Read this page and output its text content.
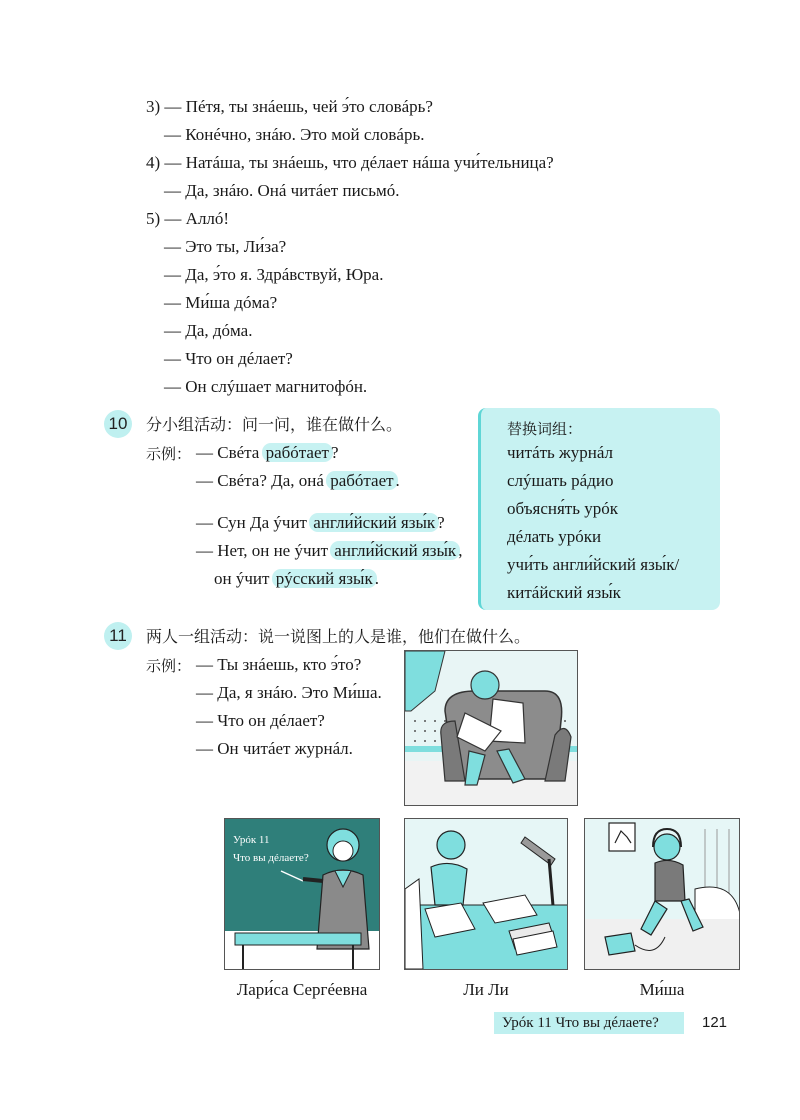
3) — Пéтя, ты знáешь, чей э́то словáрь?
— Конéчно, знáю. Это мой словáрь.
4) — Натáша, ты знáешь, что дéлает нáша учи́тельница?
— Да, знáю. Онá читáет письмó.
5) — Аллó!
— Это ты, Ли́за?
— Да, э́то я. Здрáвствуй, Юра.
— Ми́ша дóма?
— Да, дóма.
— Что он дéлает?
— Он слýшает магнитофóн.
10 分小组活动：问一问，谁在做什么。
示例： — Свéта рабóтает ?
— Свéта? Да, онá рабóтает .
— Сун Да ýчит англи́йский язы́к ?
— Нет, он не ýчит англи́йский язы́к ,
он ýчит рýсский язы́к .
替换词组：
читáть журнáл
слýшать рáдио
объясня́ть урóк
дéлать урóки
учи́ть англи́йский язы́к/
китáйский язы́к
11	两人一组活动：说一说图上的人是谁，他们在做什么。
示例： — Ты знáешь, кто э́то?
— Да, я знáю. Это Ми́ша.
— Что он дéлает?
— Он читáет журнáл.
Урóк 11
Что вы дéлаете?
Лари́са Сергéевна	Ли Ли	Ми́ша
Урóк 11 Что вы дéлаете?	121
